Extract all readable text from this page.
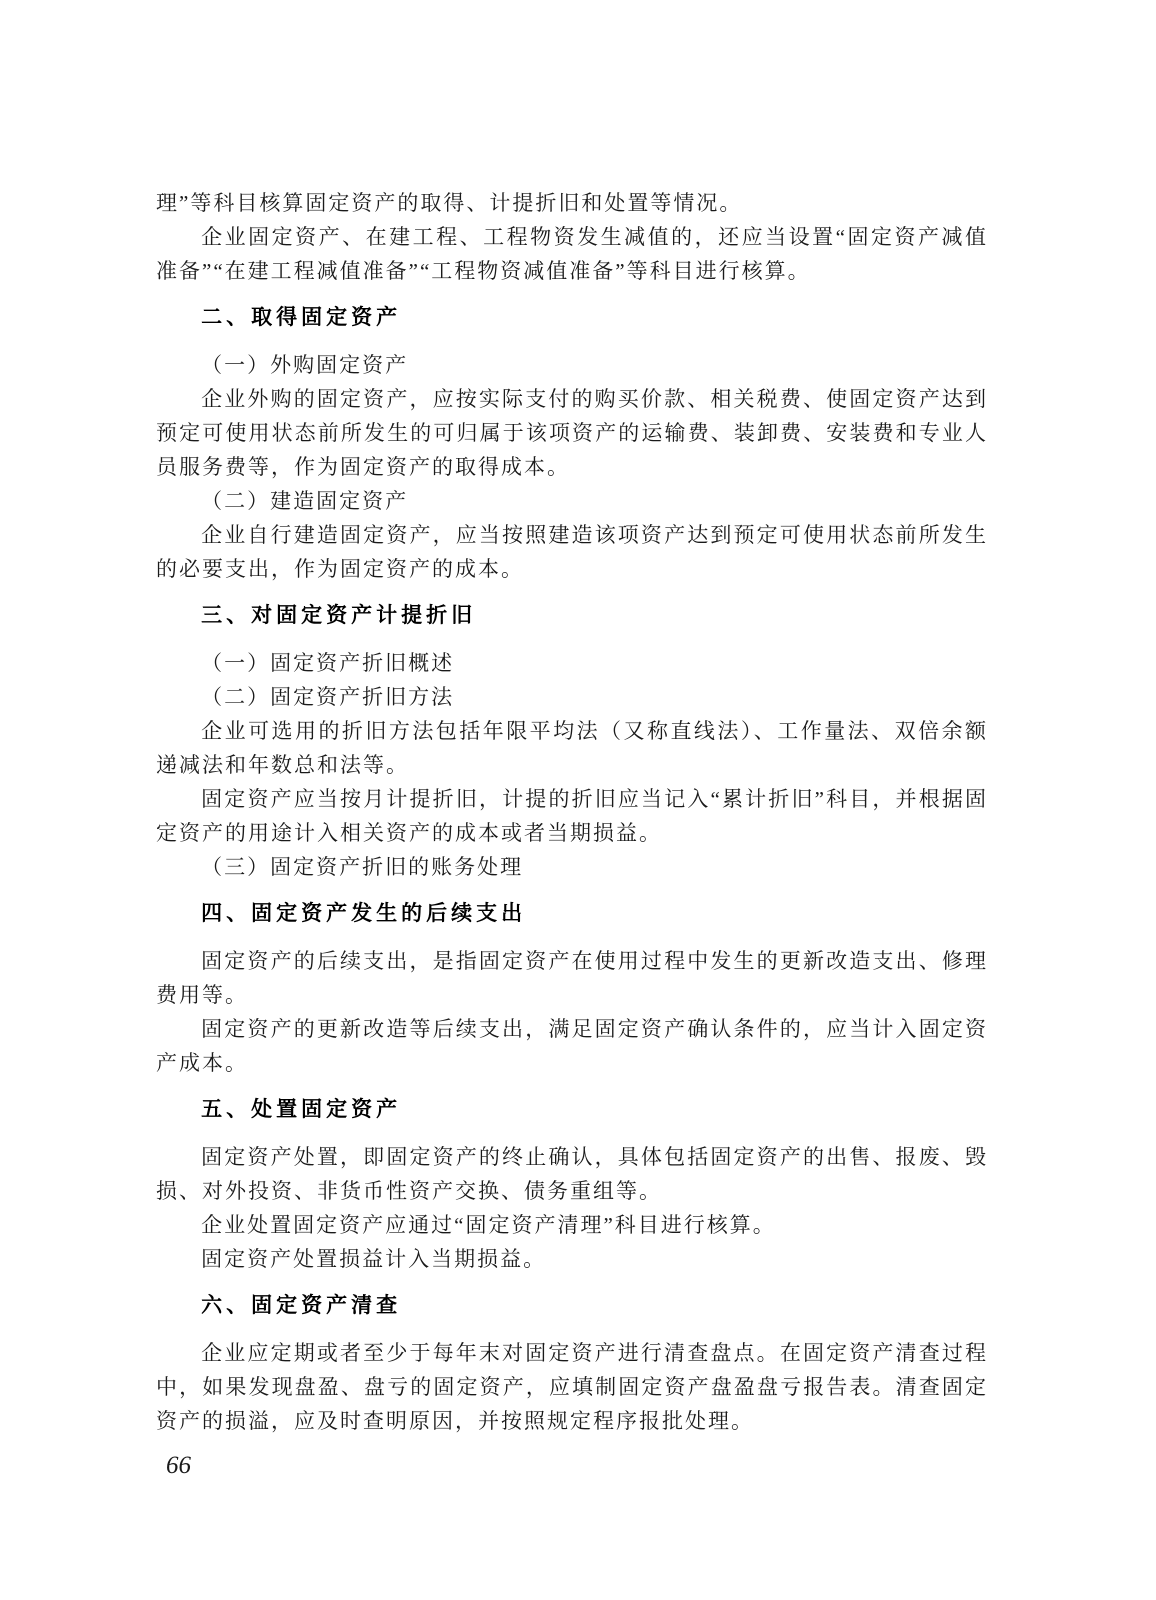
理”等科目核算固定资产的取得、计提折旧和处置等情况。

企业固定资产、在建工程、工程物资发生减值的，还应当设置“固定资产减值准备”“在建工程减值准备”“工程物资减值准备”等科目进行核算。

二、取得固定资产

（一）外购固定资产

企业外购的固定资产，应按实际支付的购买价款、相关税费、使固定资产达到预定可使用状态前所发生的可归属于该项资产的运输费、装卸费、安装费和专业人员服务费等，作为固定资产的取得成本。

（二）建造固定资产

企业自行建造固定资产，应当按照建造该项资产达到预定可使用状态前所发生的必要支出，作为固定资产的成本。

三、对固定资产计提折旧

（一）固定资产折旧概述

（二）固定资产折旧方法

企业可选用的折旧方法包括年限平均法（又称直线法）、工作量法、双倍余额递减法和年数总和法等。

固定资产应当按月计提折旧，计提的折旧应当记入“累计折旧”科目，并根据固定资产的用途计入相关资产的成本或者当期损益。

（三）固定资产折旧的账务处理

四、固定资产发生的后续支出

固定资产的后续支出，是指固定资产在使用过程中发生的更新改造支出、修理费用等。

固定资产的更新改造等后续支出，满足固定资产确认条件的，应当计入固定资产成本。

五、处置固定资产

固定资产处置，即固定资产的终止确认，具体包括固定资产的出售、报废、毁损、对外投资、非货币性资产交换、债务重组等。

企业处置固定资产应通过“固定资产清理”科目进行核算。

固定资产处置损益计入当期损益。

六、固定资产清查

企业应定期或者至少于每年末对固定资产进行清查盘点。在固定资产清查过程中，如果发现盘盈、盘亏的固定资产，应填制固定资产盘盈盘亏报告表。清查固定资产的损溢，应及时查明原因，并按照规定程序报批处理。

66
